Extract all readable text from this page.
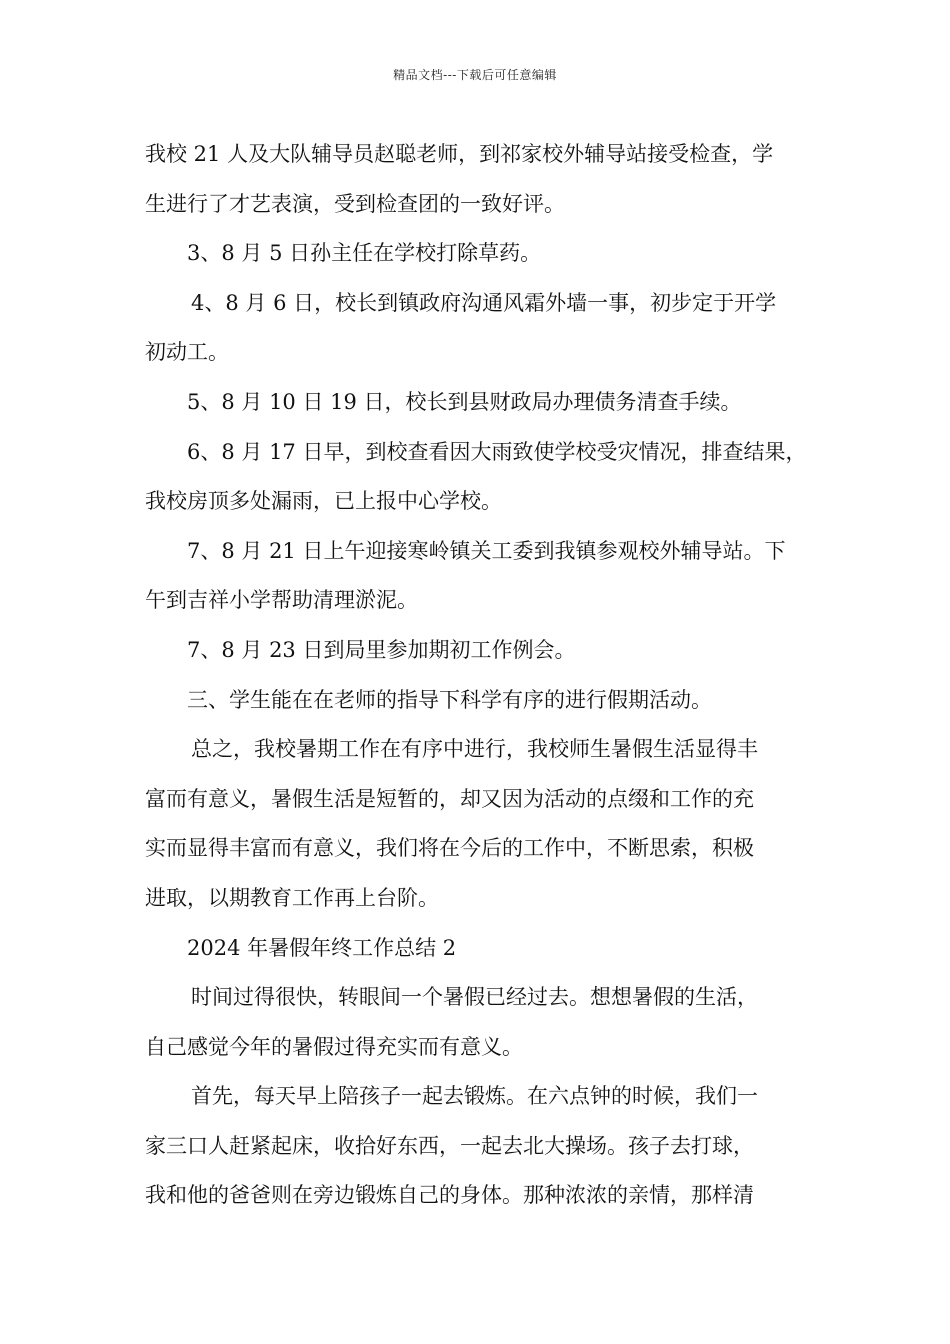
精品文档---下载后可任意编辑
我校 21 人及大队辅导员赵聪老师，到祁家校外辅导站接受检查，学
生进行了才艺表演，受到检查团的一致好评。
3、8 月 5 日孙主任在学校打除草药。
4、8 月 6 日，校长到镇政府沟通风霜外墙一事，初步定于开学
初动工。
5、8 月 10 日 19 日，校长到县财政局办理债务清查手续。
6、8 月 17 日早，到校查看因大雨致使学校受灾情况，排查结果，
我校房顶多处漏雨，已上报中心学校。
7、8 月 21 日上午迎接寒岭镇关工委到我镇参观校外辅导站。下
午到吉祥小学帮助清理淤泥。
7、8 月 23 日到局里参加期初工作例会。
三、学生能在在老师的指导下科学有序的进行假期活动。
总之，我校暑期工作在有序中进行，我校师生暑假生活显得丰
富而有意义，暑假生活是短暂的，却又因为活动的点缀和工作的充
实而显得丰富而有意义，我们将在今后的工作中，不断思索，积极
进取，以期教育工作再上台阶。
2024 年暑假年终工作总结 2
时间过得很快，转眼间一个暑假已经过去。想想暑假的生活，
自己感觉今年的暑假过得充实而有意义。
首先，每天早上陪孩子一起去锻炼。在六点钟的时候，我们一
家三口人赶紧起床，收拾好东西，一起去北大操场。孩子去打球，
我和他的爸爸则在旁边锻炼自己的身体。那种浓浓的亲情，那样清
